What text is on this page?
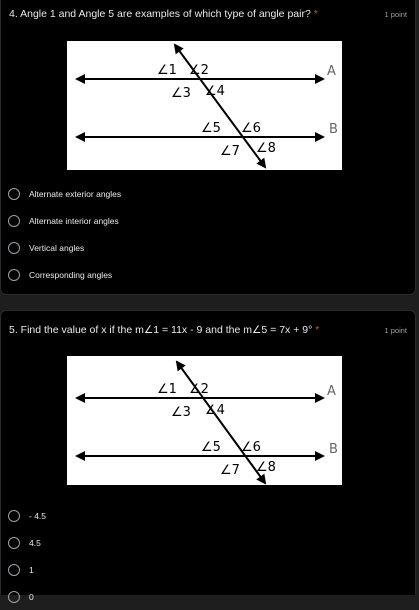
4. Angle 1 and Angle 5 are examples of which type of angle pair? *	1 point
A
B
∠1 ∠2
∠3 ∠4
∠5 ∠6
∠7 ∠8
Alternate exterior angles
Alternate interior angles
Vertical angles
Corresponding angles
5. Find the value of x if the m∠1 = 11x - 9 and the m∠5 = 7x + 9° *	1 point
A
B
∠1 ∠2
∠3 ∠4
∠5 ∠6
∠7 ∠8
- 4.5
4.5
1
0
